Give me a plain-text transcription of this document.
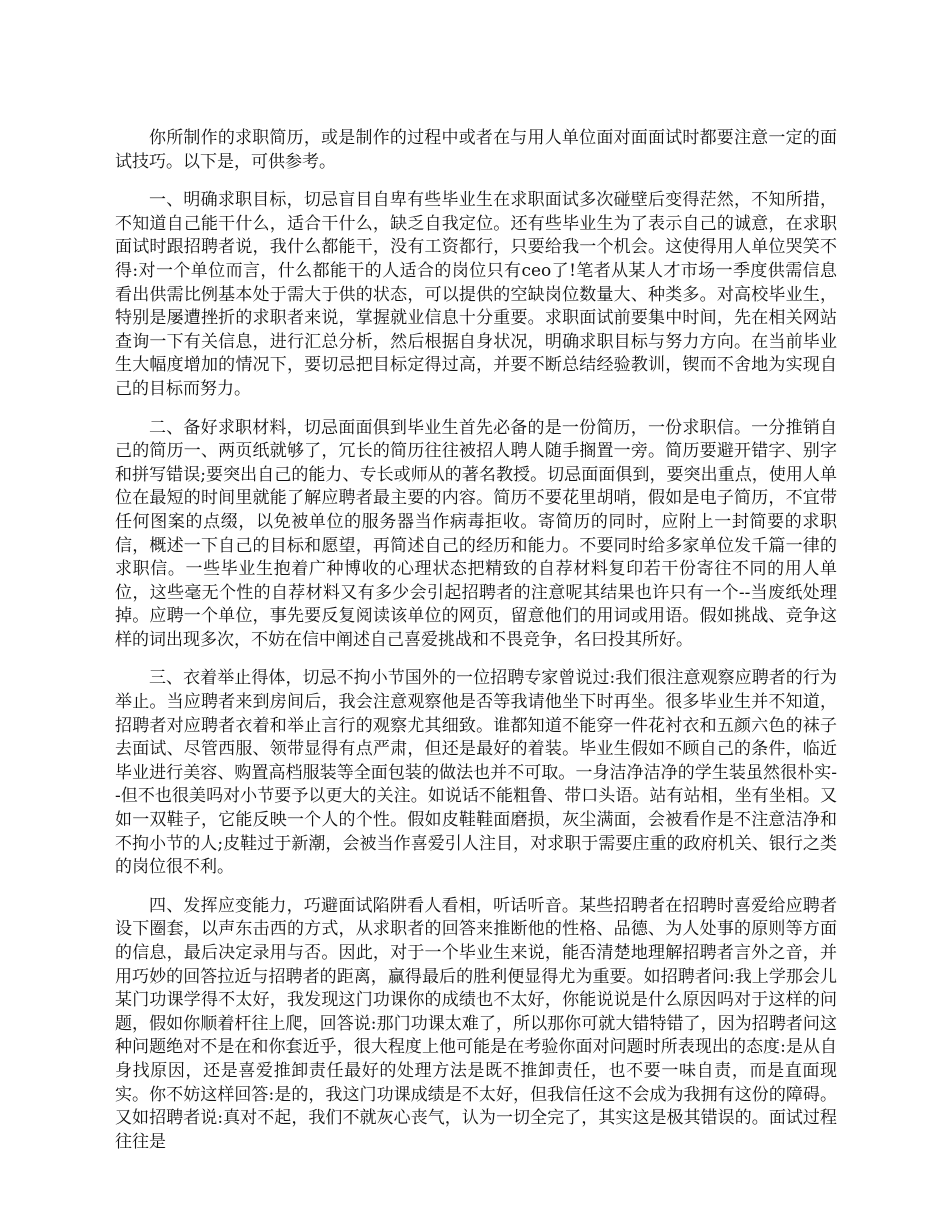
你所制作的求职简历，或是制作的过程中或者在与用人单位面对面面试时都要注意一定的面试技巧。以下是，可供参考。

一、明确求职目标，切忌盲目自卑有些毕业生在求职面试多次碰壁后变得茫然，不知所措，不知道自己能干什么，适合干什么，缺乏自我定位。还有些毕业生为了表示自己的诚意，在求职面试时跟招聘者说，我什么都能干，没有工资都行，只要给我一个机会。这使得用人单位哭笑不得:对一个单位而言，什么都能干的人适合的岗位只有ceo了!笔者从某人才市场一季度供需信息看出供需比例基本处于需大于供的状态，可以提供的空缺岗位数量大、种类多。对高校毕业生，特别是屡遭挫折的求职者来说，掌握就业信息十分重要。求职面试前要集中时间，先在相关网站查询一下有关信息，进行汇总分析，然后根据自身状况，明确求职目标与努力方向。在当前毕业生大幅度增加的情况下，要切忌把目标定得过高，并要不断总结经验教训，锲而不舍地为实现自己的目标而努力。

二、备好求职材料，切忌面面俱到毕业生首先必备的是一份简历，一份求职信。一分推销自己的简历一、两页纸就够了，冗长的简历往往被招人聘人随手搁置一旁。简历要避开错字、别字和拼写错误;要突出自己的能力、专长或师从的著名教授。切忌面面俱到，要突出重点，使用人单位在最短的时间里就能了解应聘者最主要的内容。简历不要花里胡哨，假如是电子简历，不宜带任何图案的点缀，以免被单位的服务器当作病毒拒收。寄简历的同时，应附上一封简要的求职信，概述一下自己的目标和愿望，再简述自己的经历和能力。不要同时给多家单位发千篇一律的求职信。一些毕业生抱着广种博收的心理状态把精致的自荐材料复印若干份寄往不同的用人单位，这些毫无个性的自荐材料又有多少会引起招聘者的注意呢其结果也许只有一个--当废纸处理掉。应聘一个单位，事先要反复阅读该单位的网页，留意他们的用词或用语。假如挑战、竞争这样的词出现多次，不妨在信中阐述自己喜爱挑战和不畏竞争，名曰投其所好。

三、衣着举止得体，切忌不拘小节国外的一位招聘专家曾说过:我们很注意观察应聘者的行为举止。当应聘者来到房间后，我会注意观察他是否等我请他坐下时再坐。很多毕业生并不知道，招聘者对应聘者衣着和举止言行的观察尤其细致。谁都知道不能穿一件花衬衣和五颜六色的袜子去面试、尽管西服、领带显得有点严肃，但还是最好的着装。毕业生假如不顾自己的条件，临近毕业进行美容、购置高档服装等全面包装的做法也并不可取。一身洁净洁净的学生装虽然很朴实--但不也很美吗对小节要予以更大的关注。如说话不能粗鲁、带口头语。站有站相，坐有坐相。又如一双鞋子，它能反映一个人的个性。假如皮鞋鞋面磨损，灰尘满面，会被看作是不注意洁净和不拘小节的人;皮鞋过于新潮，会被当作喜爱引人注目，对求职于需要庄重的政府机关、银行之类的岗位很不利。

四、发挥应变能力，巧避面试陷阱看人看相，听话听音。某些招聘者在招聘时喜爱给应聘者设下圈套，以声东击西的方式，从求职者的回答来推断他的性格、品德、为人处事的原则等方面的信息，最后决定录用与否。因此，对于一个毕业生来说，能否清楚地理解招聘者言外之音，并用巧妙的回答拉近与招聘者的距离，赢得最后的胜利便显得尤为重要。如招聘者问:我上学那会儿某门功课学得不太好，我发现这门功课你的成绩也不太好，你能说说是什么原因吗对于这样的问题，假如你顺着杆往上爬，回答说:那门功课太难了，所以那你可就大错特错了，因为招聘者问这种问题绝对不是在和你套近乎，很大程度上他可能是在考验你面对问题时所表现出的态度:是从自身找原因，还是喜爱推卸责任最好的处理方法是既不推卸责任，也不要一味自责，而是直面现实。你不妨这样回答:是的，我这门功课成绩是不太好，但我信任这不会成为我拥有这份的障碍。又如招聘者说:真对不起，我们不就灰心丧气，认为一切全完了，其实这是极其错误的。面试过程往往是
